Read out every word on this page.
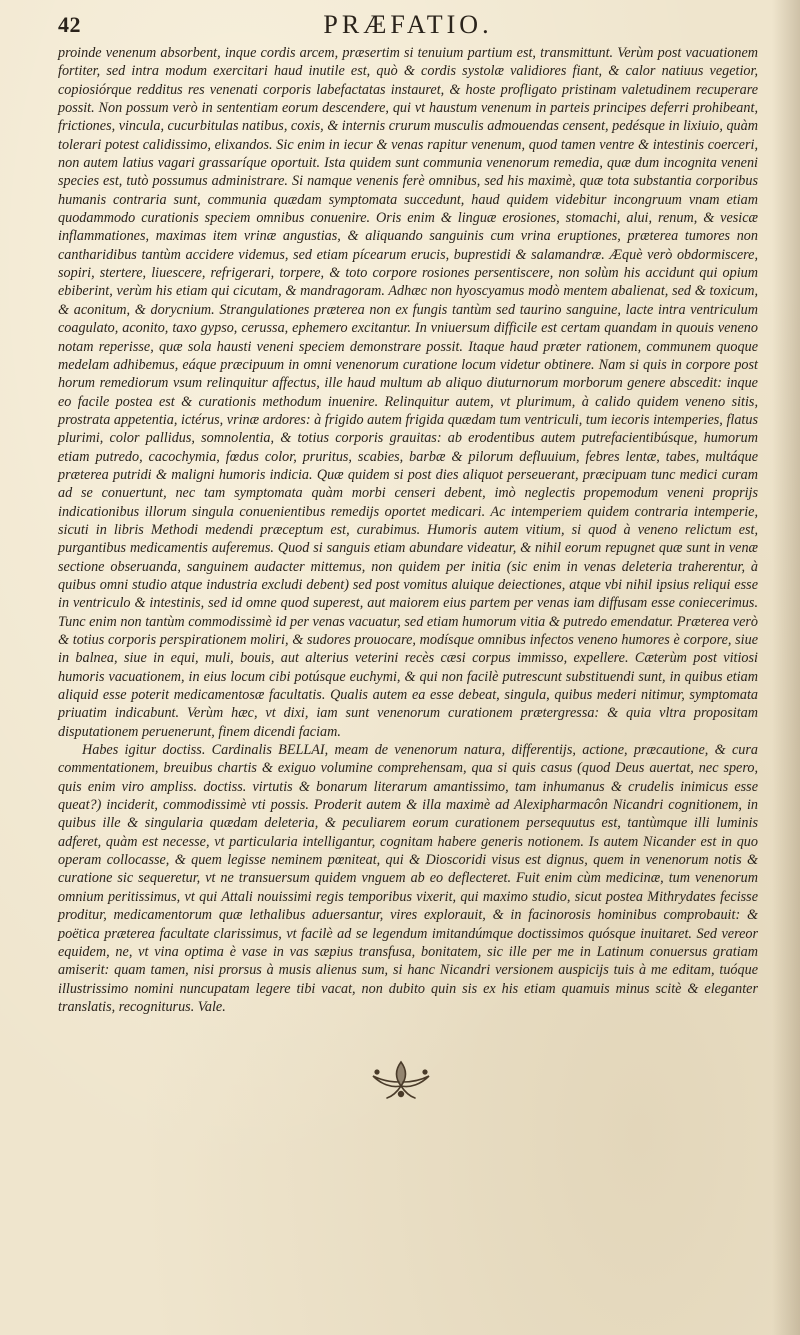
42	PRÆFATIO.

proinde venenum absorbent, inque cordis arcem, præsertim si tenuium partium est, transmittunt. Verùm post vacuationem fortiter, sed intra modum exercitari haud inutile est, quò & cordis systolæ validiores fiant, & calor natiuus vegetior, copiosiórque redditus res venenati corporis labefactatas instauret, & hoste profligato pristinam valetudinem recuperare possit. Non possum verò in sententiam eorum descendere, qui vt haustum venenum in parteis principes deferri prohibeant, frictiones, vincula, cucurbitulas natibus, coxis, & internis crurum musculis admouendas censent, pedésque in lixiuio, quàm tolerari potest calidissimo, elixandos. Sic enim in iecur & venas rapitur venenum, quod tamen ventre & intestinis coerceri, non autem latius vagari grassaríque oportuit. Ista quidem sunt communia venenorum remedia, quæ dum incognita veneni species est, tutò possumus administrare. Si namque venenis ferè omnibus, sed his maximè, quæ tota substantia corporibus humanis contraria sunt, communia quædam symptomata succedunt, haud quidem videbitur incongruum vnam etiam quodammodo curationis speciem omnibus conuenire. Oris enim & linguæ erosiones, stomachi, alui, renum, & vesicæ inflammationes, maximas item vrinæ angustias, & aliquando sanguinis cum vrina eruptiones, præterea tumores non cantharidibus tantùm accidere videmus, sed etiam pícearum erucis, buprestidi & salamandræ. Æquè verò obdormiscere, sopiri, stertere, liuescere, refrigerari, torpere, & toto corpore rosiones persentiscere, non solùm his accidunt qui opium ebiberint, verùm his etiam qui cicutam, & mandragoram. Adhæc non hyoscyamus modò mentem abalienat, sed & toxicum, & aconitum, & dorycnium. Strangulationes præterea non ex fungis tantùm sed taurino sanguine, lacte intra ventriculum coagulato, aconito, taxo gypso, cerussa, ephemero excitantur. In vniuersum difficile est certam quandam in quouis veneno notam reperisse, quæ sola hausti veneni speciem demonstrare possit. Itaque haud præter rationem, communem quoque medelam adhibemus, eáque præcipuum in omni venenorum curatione locum videtur obtinere. Nam si quis in corpore post horum remediorum vsum relinquitur affectus, ille haud multum ab aliquo diuturnorum morborum genere abscedit: inque eo facile postea est & curationis methodum inuenire. Relinquitur autem, vt plurimum, à calido quidem veneno sitis, prostrata appetentia, ictérus, vrinæ ardores: à frigido autem frigida quædam tum ventriculi, tum iecoris intemperies, flatus plurimi, color pallidus, somnolentia, & totius corporis grauitas: ab erodentibus autem putrefacientibúsque, humorum etiam putredo, cacochymia, fœdus color, pruritus, scabies, barbæ & pilorum defluuium, febres lentæ, tabes, multáque præterea putridi & maligni humoris indicia. Quæ quidem si post dies aliquot perseuerant, præcipuam tunc medici curam ad se conuertunt, nec tam symptomata quàm morbi censeri debent, imò neglectis propemodum veneni proprijs indicationibus illorum singula conuenientibus remedijs oportet medicari. Ac intemperiem quidem contraria intemperie, sicuti in libris Methodi medendi præceptum est, curabimus. Humoris autem vitium, si quod à veneno relictum est, purgantibus medicamentis auferemus. Quod si sanguis etiam abundare videatur, & nihil eorum repugnet quæ sunt in venæ sectione obseruanda, sanguinem audacter mittemus, non quidem per initia (sic enim in venas deleteria traherentur, à quibus omni studio atque industria excludi debent) sed post vomitus aluique deiectiones, atque vbi nihil ipsius reliqui esse in ventriculo & intestinis, sed id omne quod superest, aut maiorem eius partem per venas iam diffusam esse coniecerimus. Tunc enim non tantùm commodissimè id per venas vacuatur, sed etiam humorum vitia & putredo emendatur. Præterea verò & totius corporis perspirationem moliri, & sudores prouocare, modísque omnibus infectos veneno humores è corpore, siue in balnea, siue in equi, muli, bouis, aut alterius veterini recès cæsi corpus immisso, expellere. Cæterùm post vitiosi humoris vacuationem, in eius locum cibi potúsque euchymi, & qui non facilè putrescunt substituendi sunt, in quibus etiam aliquid esse poterit medicamentosæ facultatis. Qualis autem ea esse debeat, singula, quibus mederi nitimur, symptomata priuatim indicabunt. Verùm hæc, vt dixi, iam sunt venenorum curationem prætergressa: & quia vltra propositam disputationem peruenerunt, finem dicendi faciam.

Habes igitur doctiss. Cardinalis BELLAI, meam de venenorum natura, differentijs, actione, præcautione, & cura commentationem, breuibus chartis & exiguo volumine comprehensam, qua si quis casus (quod Deus auertat, nec spero, quis enim viro ampliss. doctiss. virtutis & bonarum literarum amantissimo, tam inhumanus & crudelis inimicus esse queat?) inciderit, commodissimè vti possis. Proderit autem & illa maximè ad Alexipharmacôn Nicandri cognitionem, in quibus ille & singularia quædam deleteria, & peculiarem eorum curationem persequutus est, tantùmque illi luminis adferet, quàm est necesse, vt particularia intelligantur, cognitam habere generis notionem. Is autem Nicander est in quo operam collocasse, & quem legisse neminem pœniteat, qui & Dioscoridi visus est dignus, quem in venenorum notis & curatione sic sequeretur, vt ne transuersum quidem vnguem ab eo deflecteret. Fuit enim cùm medicinæ, tum venenorum omnium peritissimus, vt qui Attali nouissimi regis temporibus vixerit, qui maximo studio, sicut postea Mithrydates fecisse proditur, medicamentorum quæ lethalibus aduersantur, vires explorauit, & in facinorosis hominibus comprobauit: & poëtica præterea facultate clarissimus, vt facilè ad se legendum imitandúmque doctissimos quósque inuitaret. Sed vereor equidem, ne, vt vina optima è vase in vas sæpius transfusa, bonitatem, sic ille per me in Latinum conuersus gratiam amiserit: quam tamen, nisi prorsus à musis alienus sum, si hanc Nicandri versionem auspicijs tuis à me editam, tuóque illustrissimo nomini nuncupatam legere tibi vacat, non dubito quin sis ex his etiam quamuis minus scitè & eleganter translatis, recogniturus. Vale.
